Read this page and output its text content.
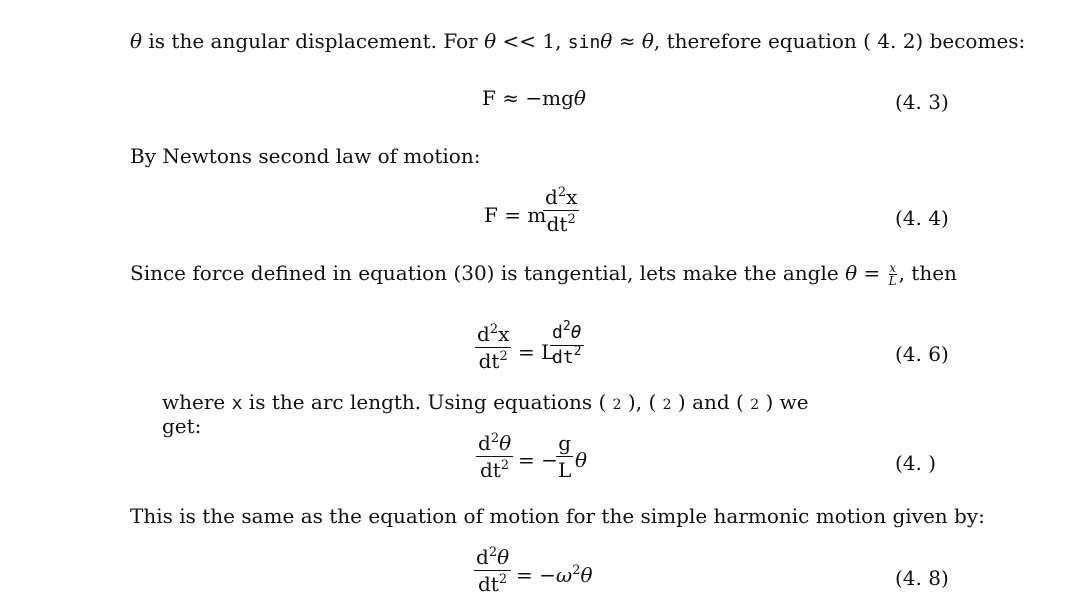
θ is the angular displacement. For θ << 1, sinθ ≈ θ, therefore equation ( 4. 2) becomes:
F ≈ −mgθ	(4. 3)
By Newtons second law of motion:
F = m
$d^2x$
$dt^2$	(4. 4)
Since force defined in equation (30) is tangential, lets make the angle $\theta = \frac{x}{L}$ , then
$d^2x$
$dt^2 = L$
$d^2\theta$
$dt^2$	(4. 6)
where x is the arc length. Using equations ( 2 ), ( 2 ) and ( 2 ) we
get:
$d^2\theta$
$dt^2$ = −
g
L θ	(4. )
This is the same as the equation of motion for the simple harmonic motion given by:
$d^2\theta$
$dt^2 = -\omega^2\theta$	(4. 8)
